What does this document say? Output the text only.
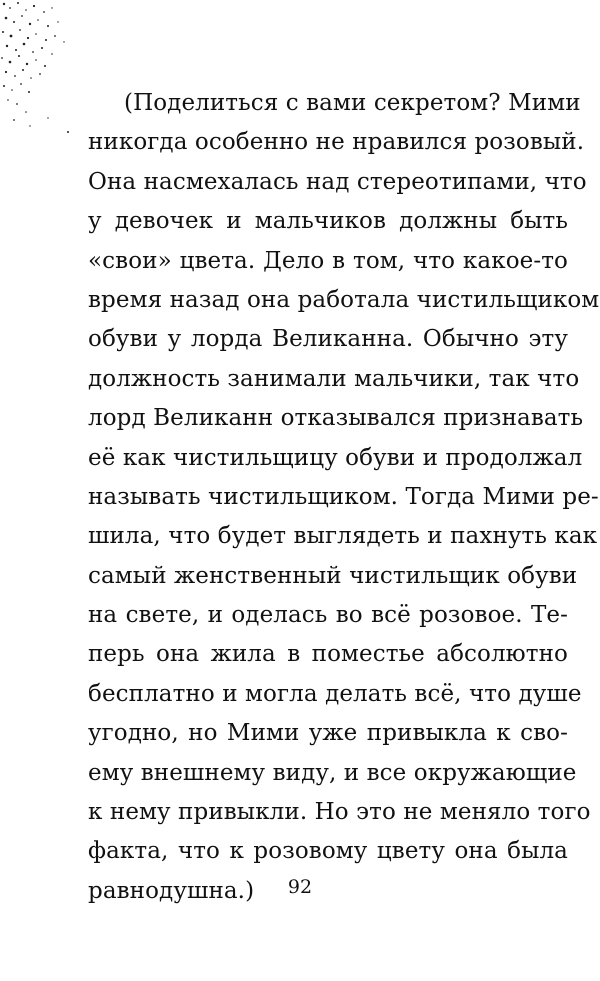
(Поделиться с вами секретом? Мими
никогда особенно не нравился розовый.
Она насмехалась над стереотипами, что
у девочек и мальчиков должны быть
«свои» цвета. Дело в том, что какое-то
время назад она работала чистильщиком
обуви у лорда Великанна. Обычно эту
должность занимали мальчики, так что
лорд Великанн отказывался признавать
её как чистильщицу обуви и продолжал
называть чистильщиком. Тогда Мими ре-
шила, что будет выглядеть и пахнуть как
самый женственный чистильщик обуви
на свете, и оделась во всё розовое. Те-
перь она жила в поместье абсолютно
бесплатно и могла делать всё, что душе
угодно, но Мими уже привыкла к сво-
ему внешнему виду, и все окружающие
к нему привыкли. Но это не меняло того
факта, что к розовому цвету она была
равнодушна.)	92
